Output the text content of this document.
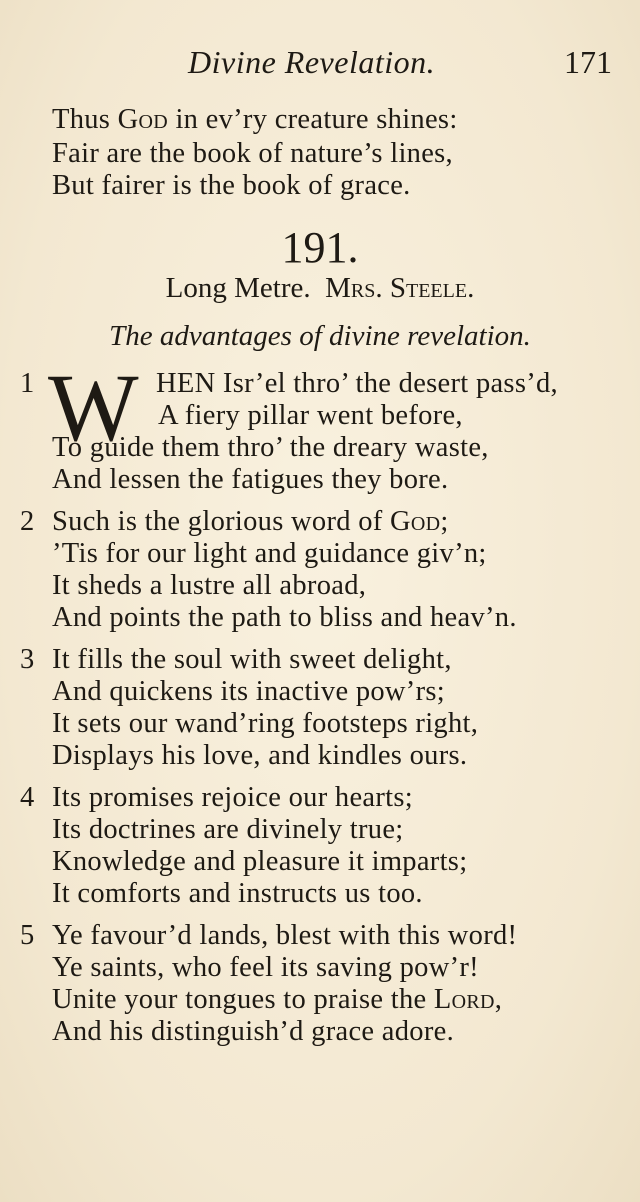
Divine Revelation.	171
Thus God in ev’ry creature shines:
Fair are the book of nature’s lines,
But fairer is the book of grace.
191.
Long Metre. Mrs. Steele.
The advantages of divine revelation.
1 W HEN Isr’el thro’ the desert pass’d,
A fiery pillar went before,
To guide them thro’ the dreary waste,
And lessen the fatigues they bore.
2 Such is the glorious word of God;
’Tis for our light and guidance giv’n;
It sheds a lustre all abroad,
And points the path to bliss and heav’n.
3 It fills the soul with sweet delight,
And quickens its inactive pow’rs;
It sets our wand’ring footsteps right,
Displays his love, and kindles ours.
4 Its promises rejoice our hearts;
Its doctrines are divinely true;
Knowledge and pleasure it imparts;
It comforts and instructs us too.
5 Ye favour’d lands, blest with this word!
Ye saints, who feel its saving pow’r!
Unite your tongues to praise the Lord,
And his distinguish’d grace adore.
